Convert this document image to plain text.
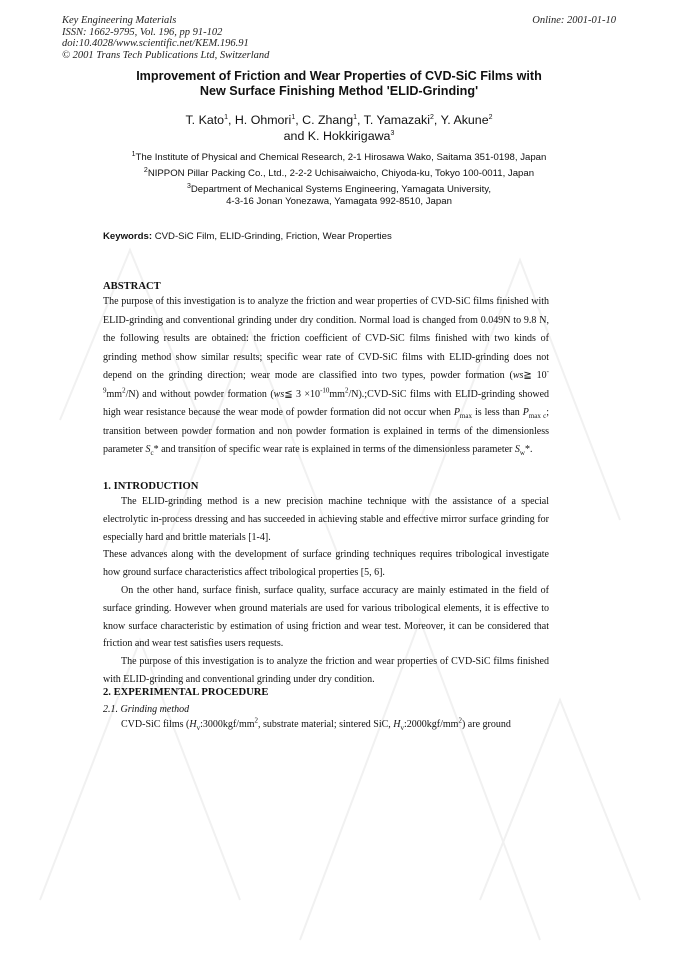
Key Engineering Materials
ISSN: 1662-9795, Vol. 196, pp 91-102
doi:10.4028/www.scientific.net/KEM.196.91
© 2001 Trans Tech Publications Ltd, Switzerland
Online: 2001-01-10
Improvement of Friction and Wear Properties of CVD-SiC Films with
New Surface Finishing Method 'ELID-Grinding'
T. Kato$^1$, H. Ohmori$^1$, C. Zhang$^1$, T. Yamazaki$^2$, Y. Akune$^2$
and K. Hokkirigawa$^3$
$^1$The Institute of Physical and Chemical Research, 2-1 Hirosawa Wako, Saitama 351-0198, Japan
$^2$NIPPON Pillar Packing Co., Ltd., 2-2-2 Uchisaiwaicho, Chiyoda-ku, Tokyo 100-0011, Japan
$^3$Department of Mechanical Systems Engineering, Yamagata University,
4-3-16 Jonan Yonezawa, Yamagata 992-8510, Japan
Keywords: CVD-SiC Film, ELID-Grinding, Friction, Wear Properties
ABSTRACT

The purpose of this investigation is to analyze the friction and wear properties of CVD-SiC films finished with ELID-grinding and conventional grinding under dry condition. Normal load is changed from 0.049N to 9.8 N, the following results are obtained: the friction coefficient of CVD-SiC films finished with two kinds of grinding method show similar results; specific wear rate of CVD-SiC films with ELID-grinding does not depend on the grinding direction; wear mode are classified into two types, powder formation (ws≧ $10^{-9}mm^2/N$) and without powder formation (ws≦ $3 \times 10^{-10}mm^2/N).;CVD$-SiC films with ELID-grinding showed high wear resistance because the wear mode of powder formation did not occur when $P_{max}$ is less than $P_{max c}$; transition between powder formation and non powder formation is explained in terms of the dimensionless parameter $S_c*$ and transition of specific wear rate is explained in terms of the dimensionless parameter $S_w*$.

1. INTRODUCTION

The ELID-grinding method is a new precision machine technique with the assistance of a special electrolytic in-process dressing and has succeeded in achieving stable and effective mirror surface grinding for especially hard and brittle materials [1-4].

These advances along with the development of surface grinding techniques requires tribological investigate how ground surface characteristics affect tribological properties [5, 6].

On the other hand, surface finish, surface quality, surface accuracy are mainly estimated in the field of surface grinding. However when ground materials are used for various tribological elements, it is effective to know surface characteristic by estimation of using friction and wear test. Moreover, it can be considered that friction and wear test satisfies users requests.

The purpose of this investigation is to analyze the friction and wear properties of CVD-SiC films finished with ELID-grinding and conventional grinding under dry condition.

2. EXPERIMENTAL PROCEDURE
2.1. Grinding method

CVD-SiC films ($H_v:3000kgf/mm^2$, substrate material; sintered SiC, $H_v:2000kgf/mm^2$) are ground
